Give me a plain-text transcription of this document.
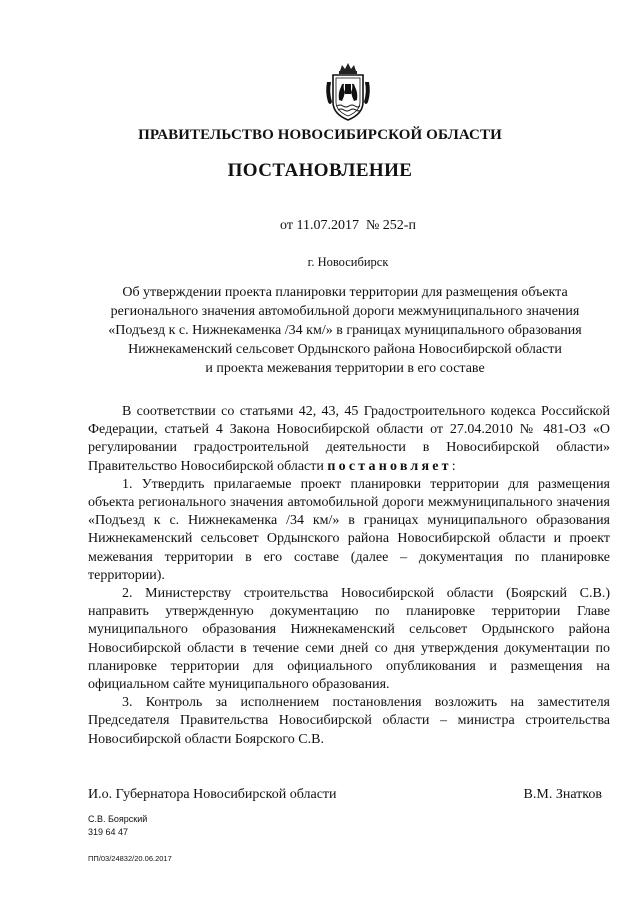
ПРАВИТЕЛЬСТВО НОВОСИБИРСКОЙ ОБЛАСТИ
ПОСТАНОВЛЕНИЕ
от 11.07.2017 № 252-п
г. Новосибирск
Об утверждении проекта планировки территории для размещения объекта
регионального значения автомобильной дороги межмуниципального значения
«Подъезд к с. Нижнекаменка /34 км/» в границах муниципального образования
Нижнекаменский сельсовет Ордынского района Новосибирской области
и проекта межевания территории в его составе

В соответствии со статьями 42, 43, 45 Градостроительного кодекса Российской Федерации, статьей 4 Закона Новосибирской области от 27.04.2010 № 481-ОЗ «О регулировании градостроительной деятельности в Новосибирской области» Правительство Новосибирской области постановляет:

1. Утвердить прилагаемые проект планировки территории для размещения объекта регионального значения автомобильной дороги межмуниципального значения «Подъезд к с. Нижнекаменка /34 км/» в границах муниципального образования Нижнекаменский сельсовет Ордынского района Новосибирской области и проект межевания территории в его составе (далее – документация по планировке территории).

2. Министерству строительства Новосибирской области (Боярский С.В.) направить утвержденную документацию по планировке территории Главе муниципального образования Нижнекаменский сельсовет Ордынского района Новосибирской области в течение семи дней со дня утверждения документации по планировке территории для официального опубликования и размещения на официальном сайте муниципального образования.

3. Контроль за исполнением постановления возложить на заместителя Председателя Правительства Новосибирской области – министра строительства Новосибирской области Боярского С.В.

И.о. Губернатора Новосибирской области	В.М. Знатков
С.В. Боярский
319 64 47
ПП/03/24832/20.06.2017
